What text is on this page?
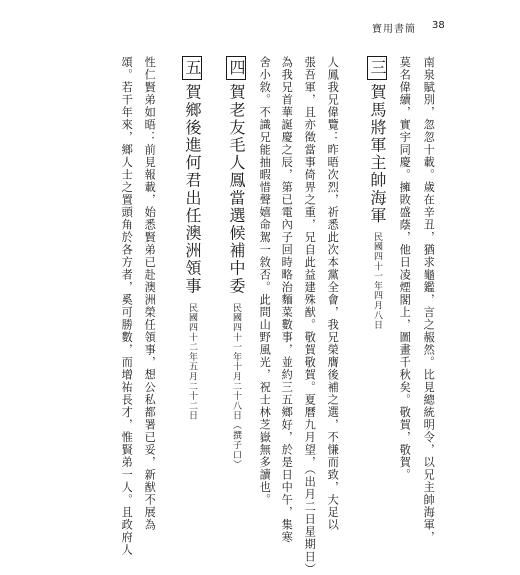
寶用書簡 38
南泉賦別，忽忽十載。歲在辛丑，猶求龜鑑，言之赧然。比見總統明令，以兄主帥海軍，
莫名偉續，實宇同慶。擁敗盛蔭，他日凌煙閣上，圖畫千秋矣。敬賀，敬賀。
三賀馬將軍主帥海軍民國四十一年四月八日
人鳳我兄偉覽：昨晤次烈，祈悉此次本黨全會，我兄榮膺後補之選，不慊而致，大足以
張吾軍，且亦徵當事倚畀之重，兄自此益建殊猷。敬賀敬賀。夏曆九月望，（出月二日星期日）
為我兄首華誕慶之辰，第已電內子回時略治麵菜數事，並約三五鄉好，於是日中午，集寒
舍小敘。不識兄能抽暇惜聲嬉命駕一敘否。此問山野風光，祝士林芝嶽無多讀也。
四賀老友毛人鳳當選候補中委民國四十一年十月二十八日（撰子口）
五賀鄉後進何君出任澳洲領事民國四十二年五月二十二日
性仁賢弟如晤：前見報載，始悉賢弟已赴澳洲榮任領事，想公私都署已妥，新猷不展為
頌。若干年來，鄉人士之置頭角於各方者，奚可勝數，而增祐長才，惟賢弟一人。且政府人
